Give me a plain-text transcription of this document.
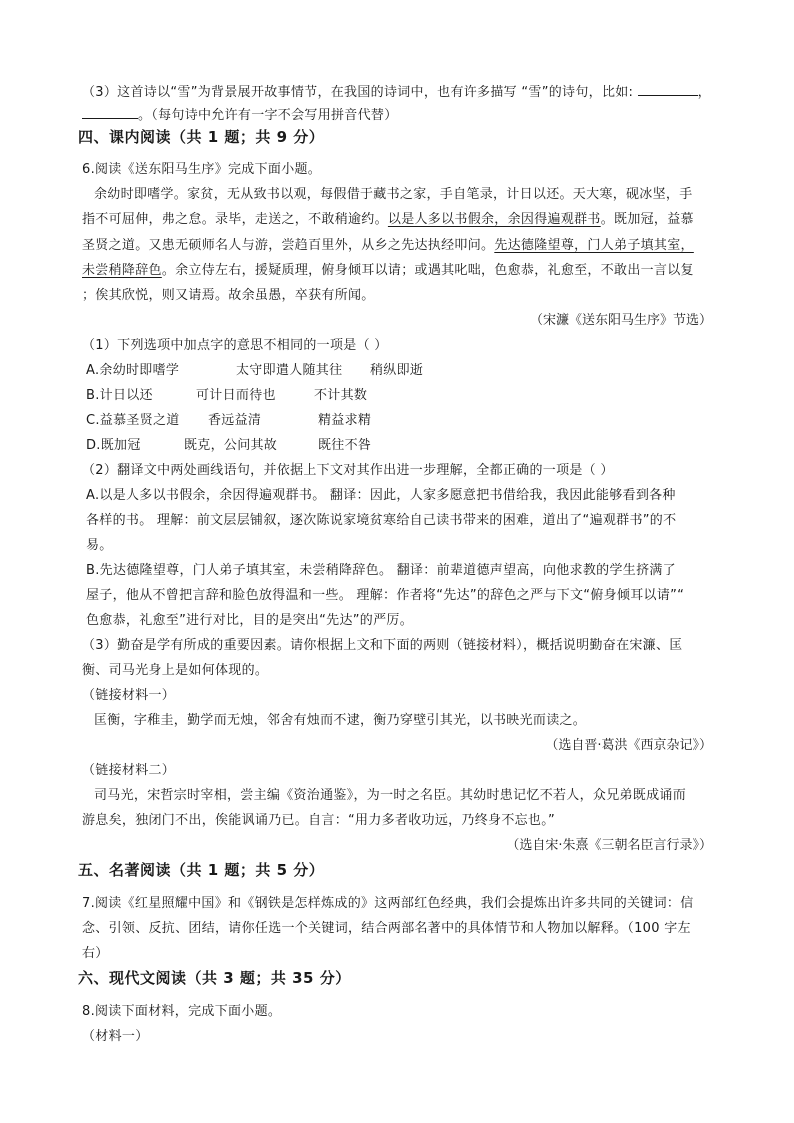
（3）这首诗以“雪”为背景展开故事情节，在我国的诗词中，也有许多描写 “雪”的诗句，比如:	，
。（每句诗中允许有一字不会写用拼音代替）
四、课内阅读（共 1 题；共 9 分）
6.阅读《送东阳马生序》完成下面小题。
余幼时即嗜学。家贫，无从致书以观，每假借于藏书之家，手自笔录，计日以还。天大寒，砚冰坚，手
指不可屈伸，弗之怠。录毕，走送之，不敢稍逾约。以是人多以书假余，余因得遍观群书。既加冠，益慕
圣贤之道。又患无硕师名人与游，尝趋百里外，从乡之先达执经叩问。先达德隆望尊，门人弟子填其室，
未尝稍降辞色。余立侍左右，援疑质理，俯身倾耳以请；或遇其叱咄，色愈恭，礼愈至，不敢出一言以复
；俟其欣悦，则又请焉。故余虽愚，卒获有所闻。
（宋濂《送东阳马生序》节选）
（1）下列选项中加点字的意思不相同的一项是（ ）
A.余幼时即嗜学	太守即遣人随其往 稍纵即逝
B.计日以还	可计日而待也	不计其数
C.益慕圣贤之道 香远益清	精益求精
D.既加冠	既克，公问其故	既往不咎
（2）翻译文中两处画线语句，并依据上下文对其作出进一步理解，全都正确的一项是（ ）
A.以是人多以书假余，余因得遍观群书。 翻译：因此，人家多愿意把书借给我，我因此能够看到各种
各样的书。 理解：前文层层铺叙，逐次陈说家境贫寒给自己读书带来的困难，道出了“遍观群书”的不
易。
B.先达德隆望尊，门人弟子填其室，未尝稍降辞色。 翻译：前辈道德声望高，向他求教的学生挤满了
屋子，他从不曾把言辞和脸色放得温和一些。 理解：作者将“先达”的辞色之严与下文“俯身倾耳以请”“
色愈恭，礼愈至”进行对比，目的是突出“先达”的严厉。
（3）勤奋是学有所成的重要因素。请你根据上文和下面的两则（链接材料），概括说明勤奋在宋濂、匡
衡、司马光身上是如何体现的。
（链接材料一）
匡衡，字稚圭，勤学而无烛，邻舍有烛而不逮，衡乃穿壁引其光，以书映光而读之。
（选自晋·葛洪《西京杂记》）
（链接材料二）
司马光，宋哲宗时宰相，尝主编《资治通鉴》，为一时之名臣。其幼时患记忆不若人，众兄弟既成诵而
游息矣，独闭门不出，俟能讽诵乃已。自言：“用力多者收功远，乃终身不忘也。”
（选自宋·朱熹《三朝名臣言行录》）
五、名著阅读（共 1 题；共 5 分）
7.阅读《红星照耀中国》和《钢铁是怎样炼成的》这两部红色经典，我们会提炼出许多共同的关键词：信
念、引领、反抗、团结，请你任选一个关键词，结合两部名著中的具体情节和人物加以解释。（100 字左
右）
六、现代文阅读（共 3 题；共 35 分）
8.阅读下面材料，完成下面小题。
（材料一）
